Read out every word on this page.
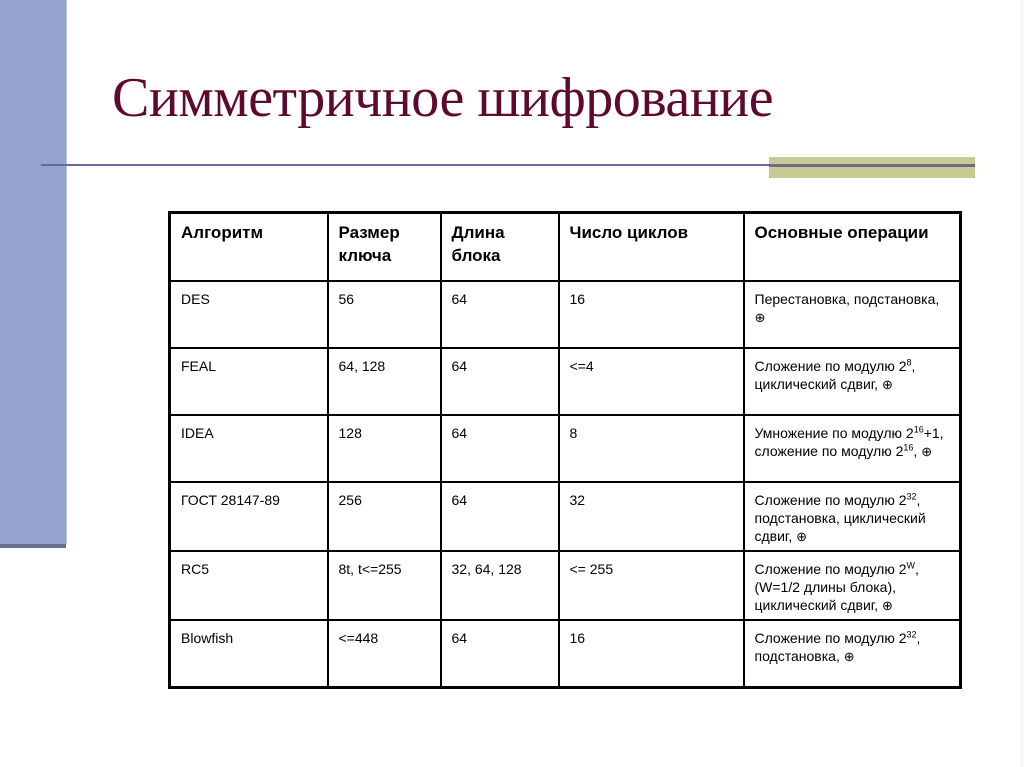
Симметричное шифрование
Алгоритм	Размер ключа	Длина блока	Число циклов	Основные операции
DES	56	64	16	Перестановка, подстановка, ⊕
FEAL	64, 128	64	<=4	Сложение по модулю $2^8$, циклический сдвиг, ⊕
IDEA	128	64	8	Умножение по модулю $2^{16}+1$, сложение по модулю $2^{16}$, ⊕
ГОСТ 28147-89	256	64	32	Сложение по модулю $2^{32}$, подстановка, циклический сдвиг, ⊕
RC5	8t, t<=255	32, 64, 128	<= 255	Сложение по модулю $2^W$, (W=1/2 длины блока), циклический сдвиг, ⊕
Blowfish	<=448	64	16	Сложение по модулю $2^{32}$, подстановка, ⊕
